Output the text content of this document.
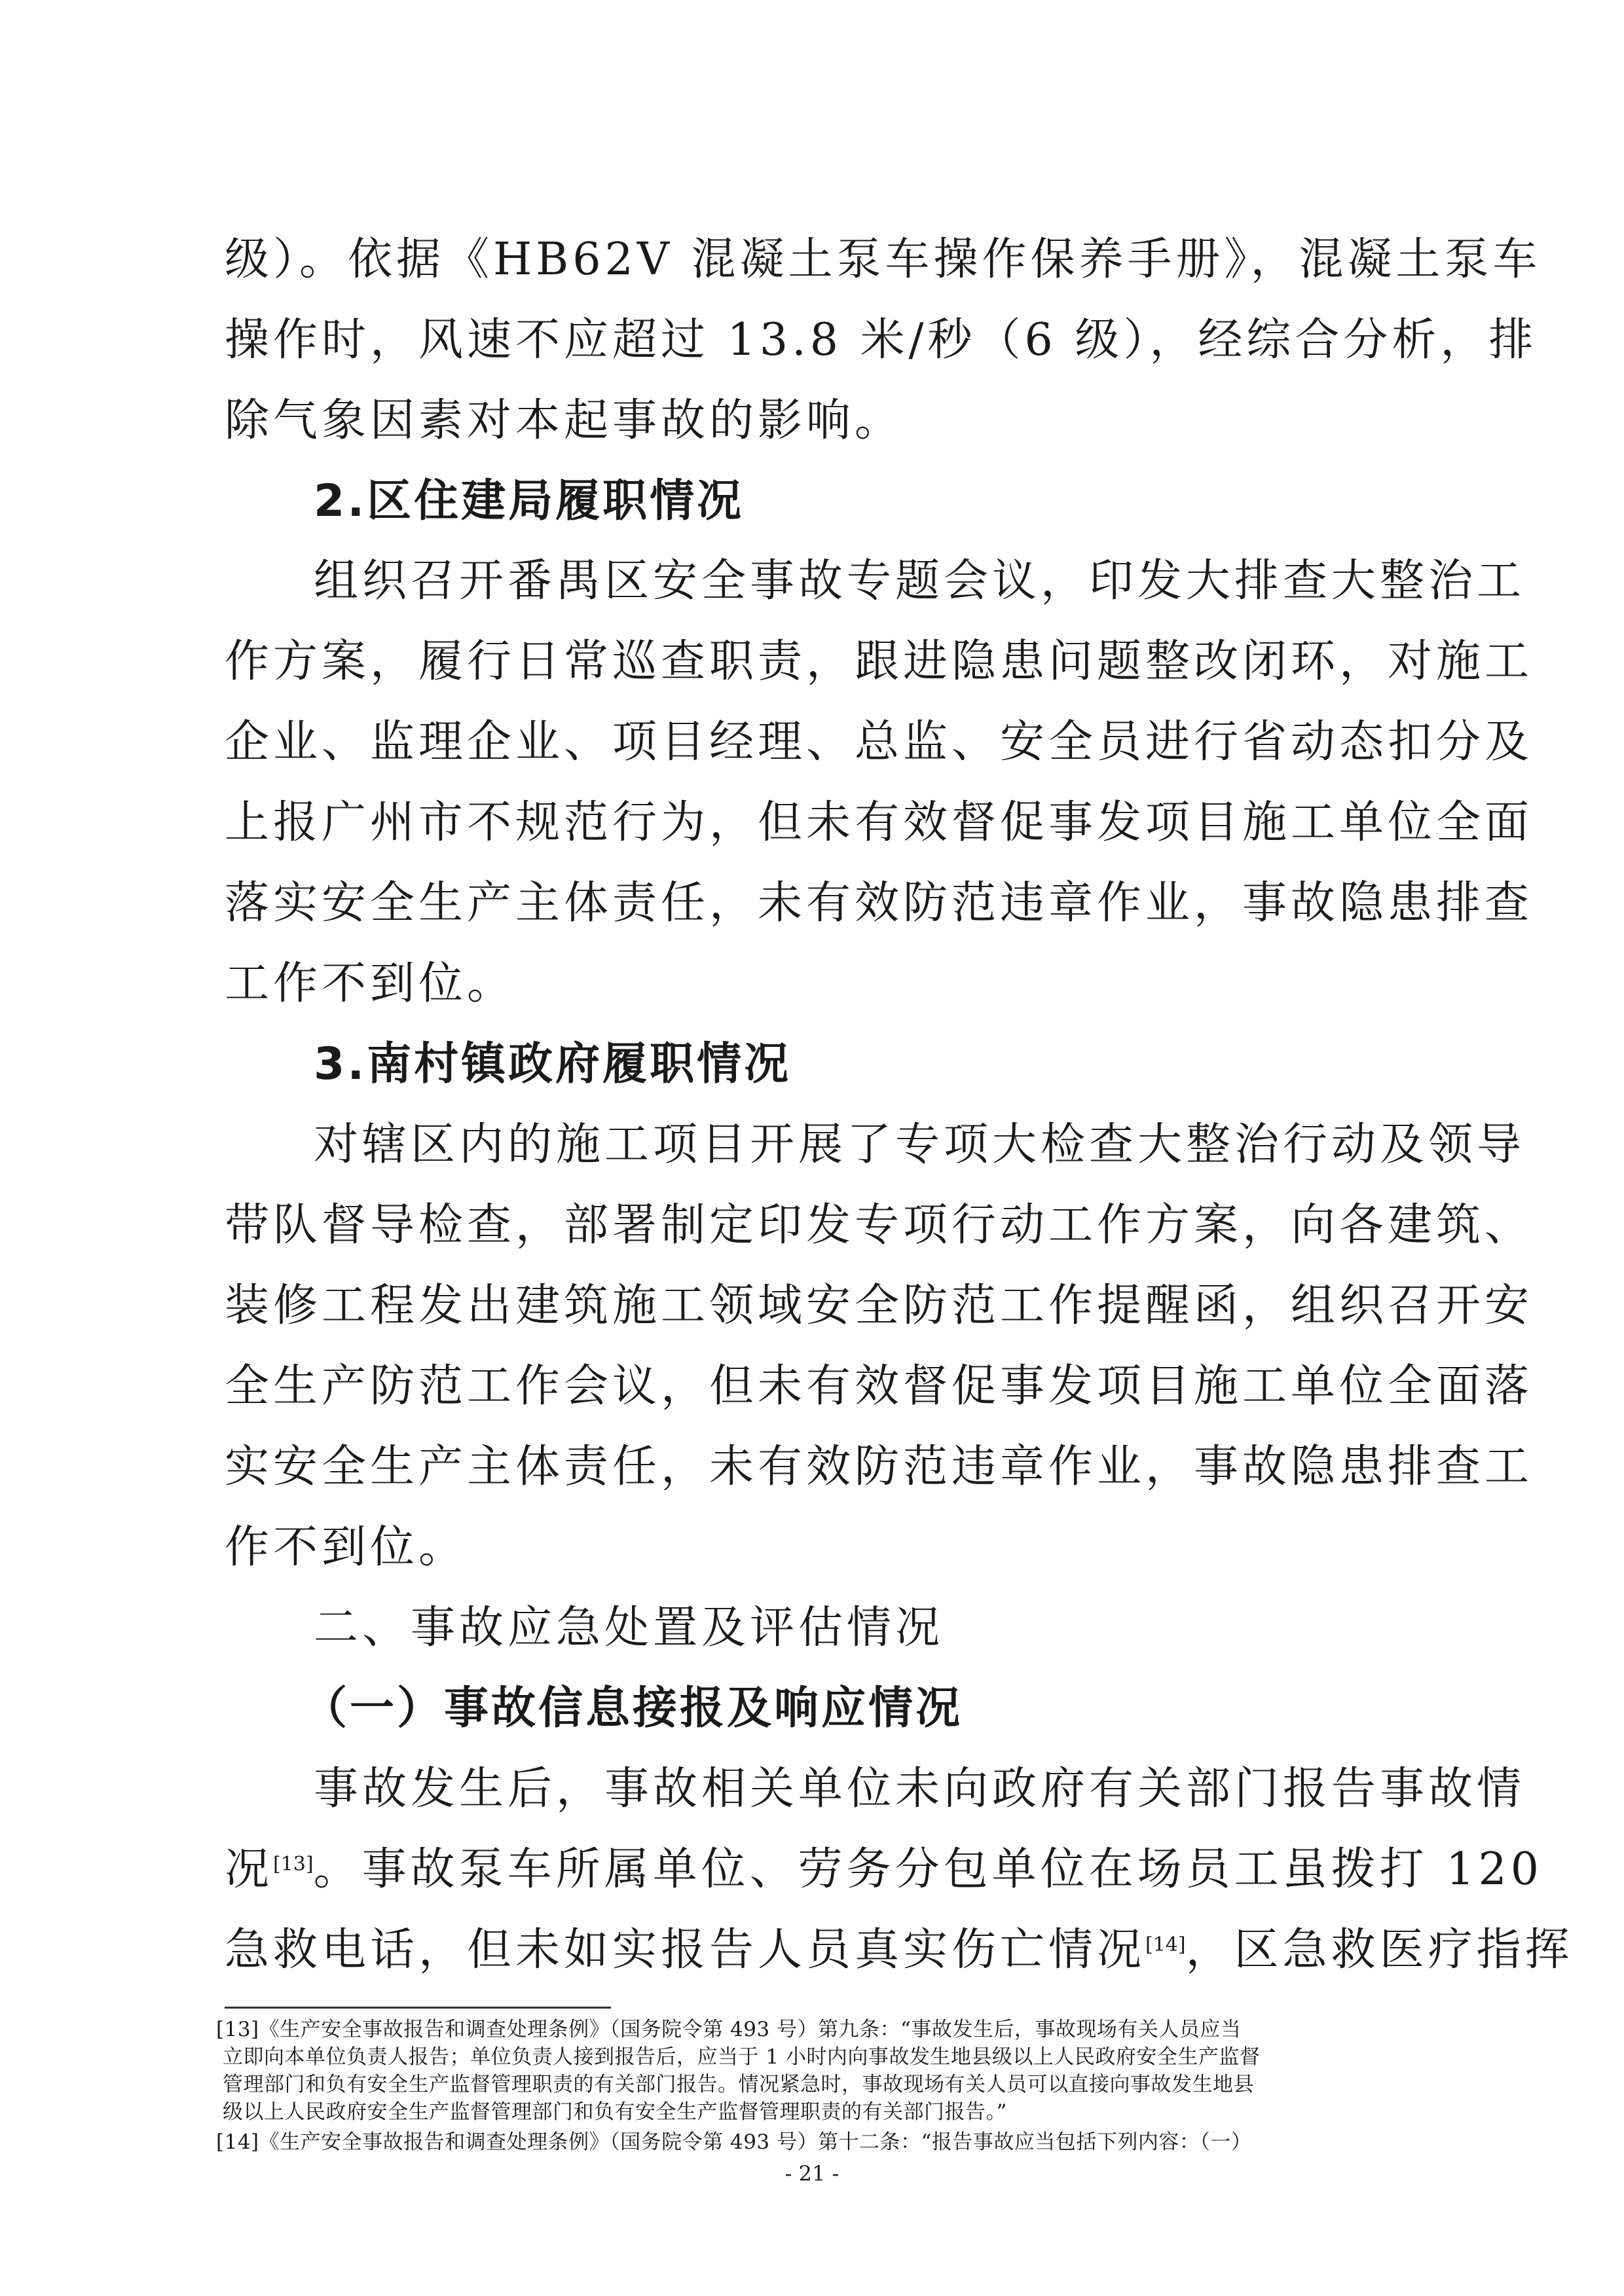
级）。依据《HB62V 混凝土泵车操作保养手册》，混凝土泵车
操作时，风速不应超过 13.8 米/秒（6 级），经综合分析，排
除气象因素对本起事故的影响。
2.区住建局履职情况
组织召开番禺区安全事故专题会议，印发大排查大整治工
作方案，履行日常巡查职责，跟进隐患问题整改闭环，对施工
企业、监理企业、项目经理、总监、安全员进行省动态扣分及
上报广州市不规范行为，但未有效督促事发项目施工单位全面
落实安全生产主体责任，未有效防范违章作业，事故隐患排查
工作不到位。
3.南村镇政府履职情况
对辖区内的施工项目开展了专项大检查大整治行动及领导
带队督导检查，部署制定印发专项行动工作方案，向各建筑、
装修工程发出建筑施工领域安全防范工作提醒函，组织召开安
全生产防范工作会议，但未有效督促事发项目施工单位全面落
实安全生产主体责任，未有效防范违章作业，事故隐患排查工
作不到位。
二、事故应急处置及评估情况
（一）事故信息接报及响应情况
事故发生后，事故相关单位未向政府有关部门报告事故情
况[13]。事故泵车所属单位、劳务分包单位在场员工虽拨打 120
急救电话，但未如实报告人员真实伤亡情况[14]，区急救医疗指挥
[13]《生产安全事故报告和调查处理条例》（国务院令第 493 号）第九条：“事故发生后，事故现场有关人员应当
立即向本单位负责人报告；单位负责人接到报告后，应当于 1 小时内向事故发生地县级以上人民政府安全生产监督
管理部门和负有安全生产监督管理职责的有关部门报告。情况紧急时，事故现场有关人员可以直接向事故发生地县
级以上人民政府安全生产监督管理部门和负有安全生产监督管理职责的有关部门报告。”
[14]《生产安全事故报告和调查处理条例》（国务院令第 493 号）第十二条：“报告事故应当包括下列内容：（一）
- 21 -
